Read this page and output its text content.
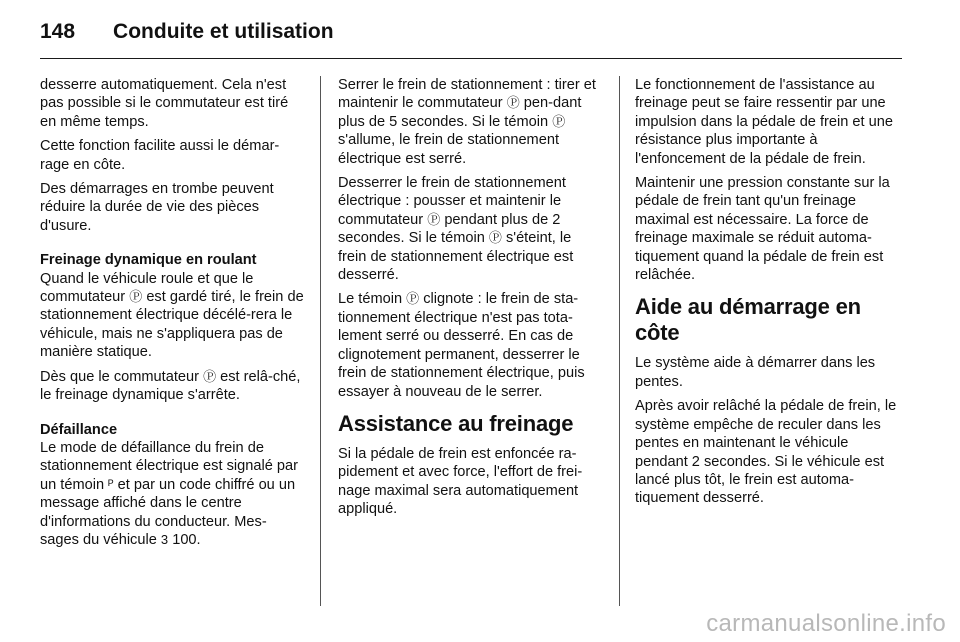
148 Conduite et utilisation

desserre automatiquement. Cela n'est pas possible si le commutateur est tiré en même temps.

Cette fonction facilite aussi le démar-rage en côte.

Des démarrages en trombe peuvent réduire la durée de vie des pièces d'usure.

Freinage dynamique en roulant

Quand le véhicule roule et que le commutateur Ⓟ est gardé tiré, le frein de stationnement électrique décélé-rera le véhicule, mais ne s'appliquera pas de manière statique.

Dès que le commutateur Ⓟ est relâ-ché, le freinage dynamique s'arrête.

Défaillance

Le mode de défaillance du frein de stationnement électrique est signalé par un témoin ᴾ et par un code chiffré ou un message affiché dans le centre d'informations du conducteur. Mes-sages du véhicule 3 100.

Serrer le frein de stationnement : tirer et maintenir le commutateur Ⓟ pen-dant plus de 5 secondes. Si le témoin Ⓟ s'allume, le frein de stationnement électrique est serré.

Desserrer le frein de stationnement électrique : pousser et maintenir le commutateur Ⓟ pendant plus de 2 secondes. Si le témoin Ⓟ s'éteint, le frein de stationnement électrique est desserré.

Le témoin Ⓟ clignote : le frein de sta-tionnement électrique n'est pas tota-lement serré ou desserré. En cas de clignotement permanent, desserrer le frein de stationnement électrique, puis essayer à nouveau de le serrer.

Assistance au freinage

Si la pédale de frein est enfoncée ra-pidement et avec force, l'effort de frei-nage maximal sera automatiquement appliqué.

Le fonctionnement de l'assistance au freinage peut se faire ressentir par une impulsion dans la pédale de frein et une résistance plus importante à l'enfoncement de la pédale de frein.

Maintenir une pression constante sur la pédale de frein tant qu'un freinage maximal est nécessaire. La force de freinage maximale se réduit automa-tiquement quand la pédale de frein est relâchée.

Aide au démarrage en côte

Le système aide à démarrer dans les pentes.

Après avoir relâché la pédale de frein, le système empêche de reculer dans les pentes en maintenant le véhicule pendant 2 secondes. Si le véhicule est lancé plus tôt, le frein est automa-tiquement desserré.

carmanualsonline.info
